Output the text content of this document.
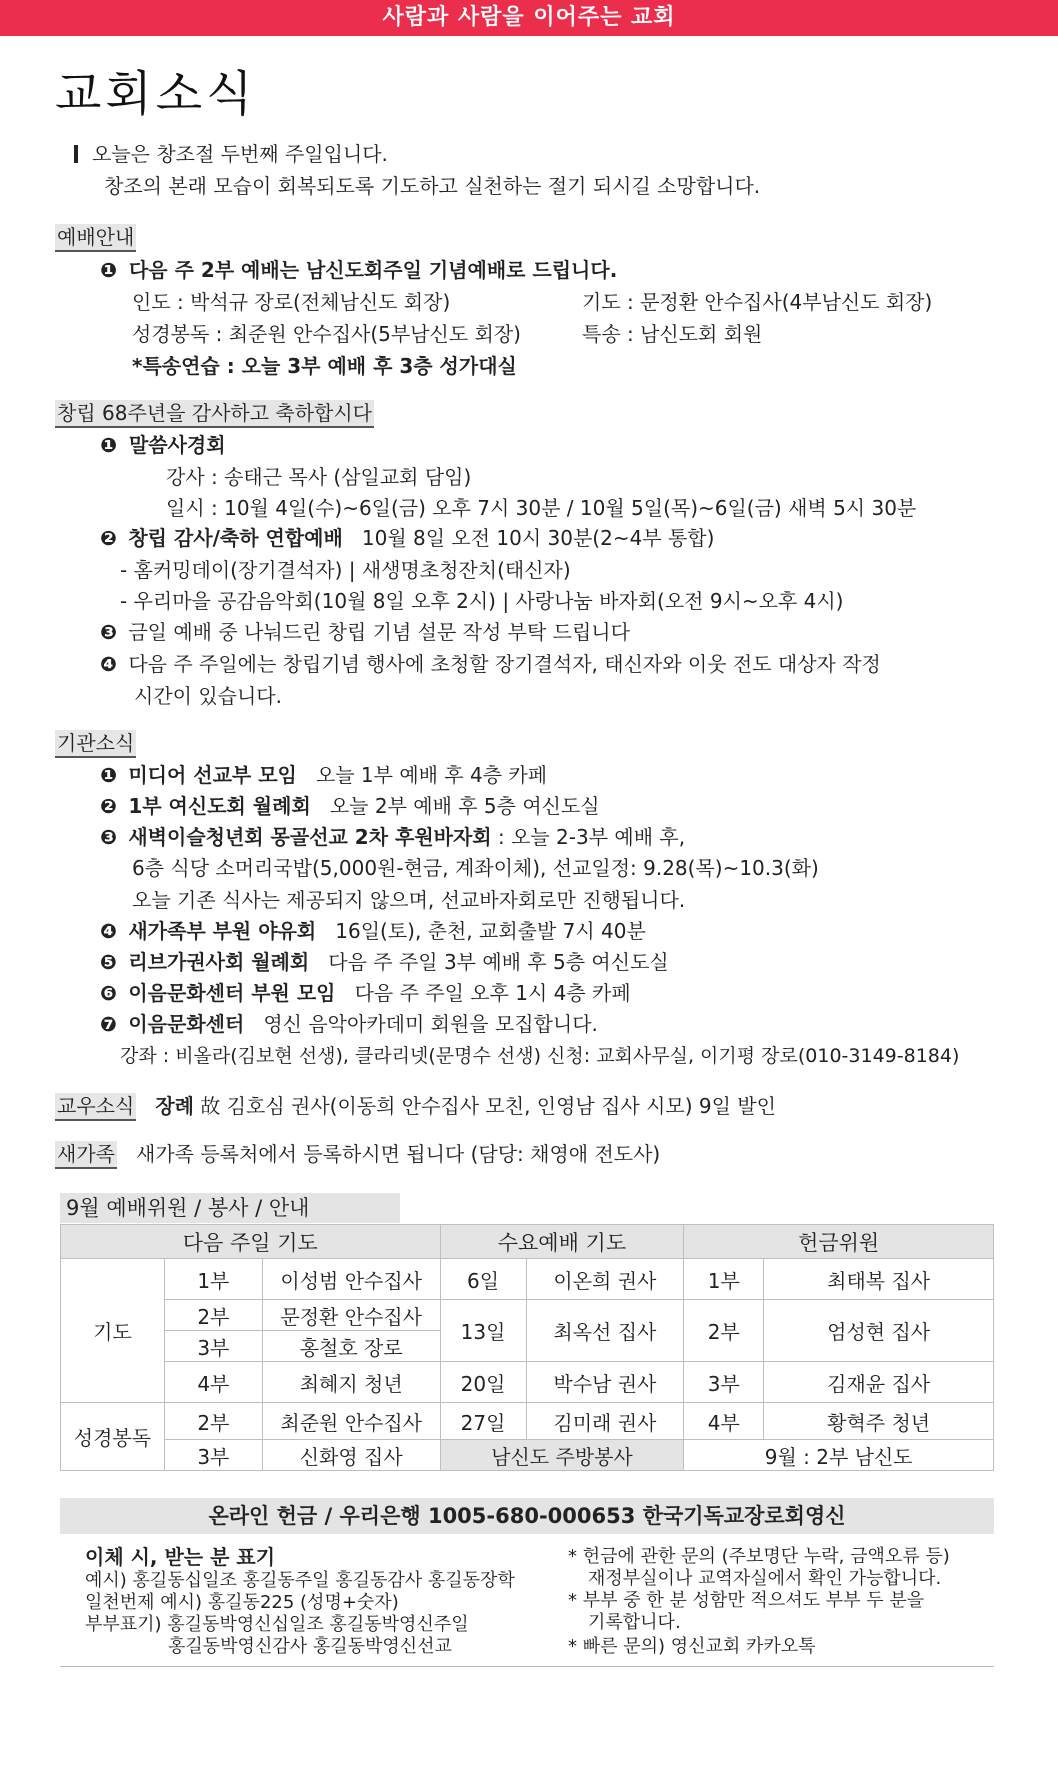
사람과 사람을 이어주는 교회
교회소식
오늘은 창조절 두번째 주일입니다.
창조의 본래 모습이 회복되도록 기도하고 실천하는 절기 되시길 소망합니다.
예배안내
❶ 다음 주 2부 예배는 남신도회주일 기념예배로 드립니다.
인도 : 박석규 장로(전체남신도 회장)	기도 : 문정환 안수집사(4부남신도 회장)
성경봉독 : 최준원 안수집사(5부남신도 회장)	특송 : 남신도회 회원
*특송연습 : 오늘 3부 예배 후 3층 성가대실
창립 68주년을 감사하고 축하합시다
❶ 말씀사경회
강사 : 송태근 목사 (삼일교회 담임)
일시 : 10월 4일(수)~6일(금) 오후 7시 30분 / 10월 5일(목)~6일(금) 새벽 5시 30분
❷ 창립 감사/축하 연합예배 10월 8일 오전 10시 30분(2~4부 통합)
- 홈커밍데이(장기결석자) | 새생명초청잔치(태신자)
- 우리마을 공감음악회(10월 8일 오후 2시) | 사랑나눔 바자회(오전 9시~오후 4시)
❸ 금일 예배 중 나눠드린 창립 기념 설문 작성 부탁 드립니다
❹ 다음 주 주일에는 창립기념 행사에 초청할 장기결석자, 태신자와 이웃 전도 대상자 작정
시간이 있습니다.
기관소식
❶ 미디어 선교부 모임 오늘 1부 예배 후 4층 카페
❷ 1부 여신도회 월례회 오늘 2부 예배 후 5층 여신도실
❸ 새벽이슬청년회 몽골선교 2차 후원바자회 : 오늘 2-3부 예배 후,
6층 식당 소머리국밥(5,000원-현금, 계좌이체), 선교일정: 9.28(목)~10.3(화)
오늘 기존 식사는 제공되지 않으며, 선교바자회로만 진행됩니다.
❹ 새가족부 부원 야유회 16일(토), 춘천, 교회출발 7시 40분
❺ 리브가권사회 월례회 다음 주 주일 3부 예배 후 5층 여신도실
❻ 이음문화센터 부원 모임 다음 주 주일 오후 1시 4층 카페
❼ 이음문화센터 영신 음악아카데미 회원을 모집합니다.
강좌 : 비올라(김보현 선생), 클라리넷(문명수 선생) 신청: 교회사무실, 이기평 장로(010-3149-8184)
교우소식 장례 故 김호심 권사(이동희 안수집사 모친, 인영남 집사 시모) 9일 발인
새가족 새가족 등록처에서 등록하시면 됩니다 (담당: 채영애 전도사)
9월 예배위원 / 봉사 / 안내
다음 주일 기도			수요예배 기도		헌금위원	
기도	1부	이성범 안수집사	6일	이온희 권사	1부	최태복 집사
	2부	문정환 안수집사	13일	최옥선 집사	2부	엄성현 집사
	3부	홍철호 장로				
	4부	최혜지 청년	20일	박수남 권사	3부	김재윤 집사
성경봉독	2부	최준원 안수집사	27일	김미래 권사	4부	황혁주 청년
	3부	신화영 집사	남신도 주방봉사		9월 : 2부 남신도	
온라인 헌금 / 우리은행 1005-680-000653 한국기독교장로회영신
이체 시, 받는 분 표기
예시) 홍길동십일조 홍길동주일 홍길동감사 홍길동장학
일천번제 예시) 홍길동225 (성명+숫자)
부부표기) 홍길동박영신십일조 홍길동박영신주일
홍길동박영신감사 홍길동박영신선교
* 헌금에 관한 문의 (주보명단 누락, 금액오류 등)
재정부실이나 교역자실에서 확인 가능합니다.
* 부부 중 한 분 성함만 적으셔도 부부 두 분을
기록합니다.
* 빠른 문의) 영신교회 카카오톡
